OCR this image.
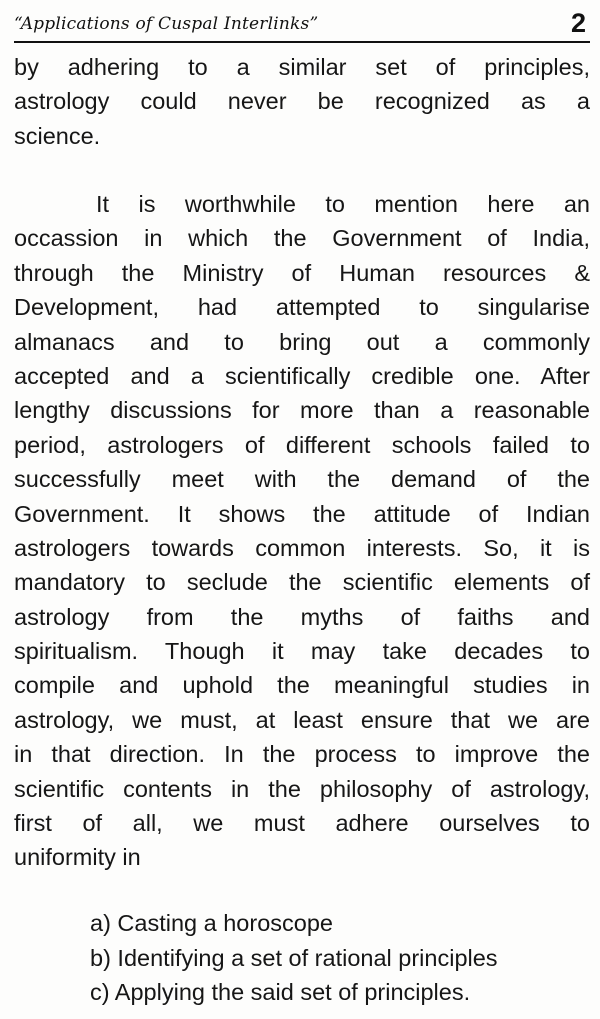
“Applications of Cuspal Interlinks”	2
by adhering to a similar set of principles,
astrology could never be recognized as a
science.
It is worthwhile to mention here an
occassion in which the Government of India,
through the Ministry of Human resources &
Development, had attempted to singularise
almanacs and to bring out a commonly
accepted and a scientifically credible one. After
lengthy discussions for more than a reasonable
period, astrologers of different schools failed to
successfully meet with the demand of the
Government. It shows the attitude of Indian
astrologers towards common interests. So, it is
mandatory to seclude the scientific elements of
astrology from the myths of faiths and
spiritualism. Though it may take decades to
compile and uphold the meaningful studies in
astrology, we must, at least ensure that we are
in that direction. In the process to improve the
scientific contents in the philosophy of astrology,
first of all, we must adhere ourselves to
uniformity in
a) Casting a horoscope
b) Identifying a set of rational principles
c) Applying the said set of principles.
